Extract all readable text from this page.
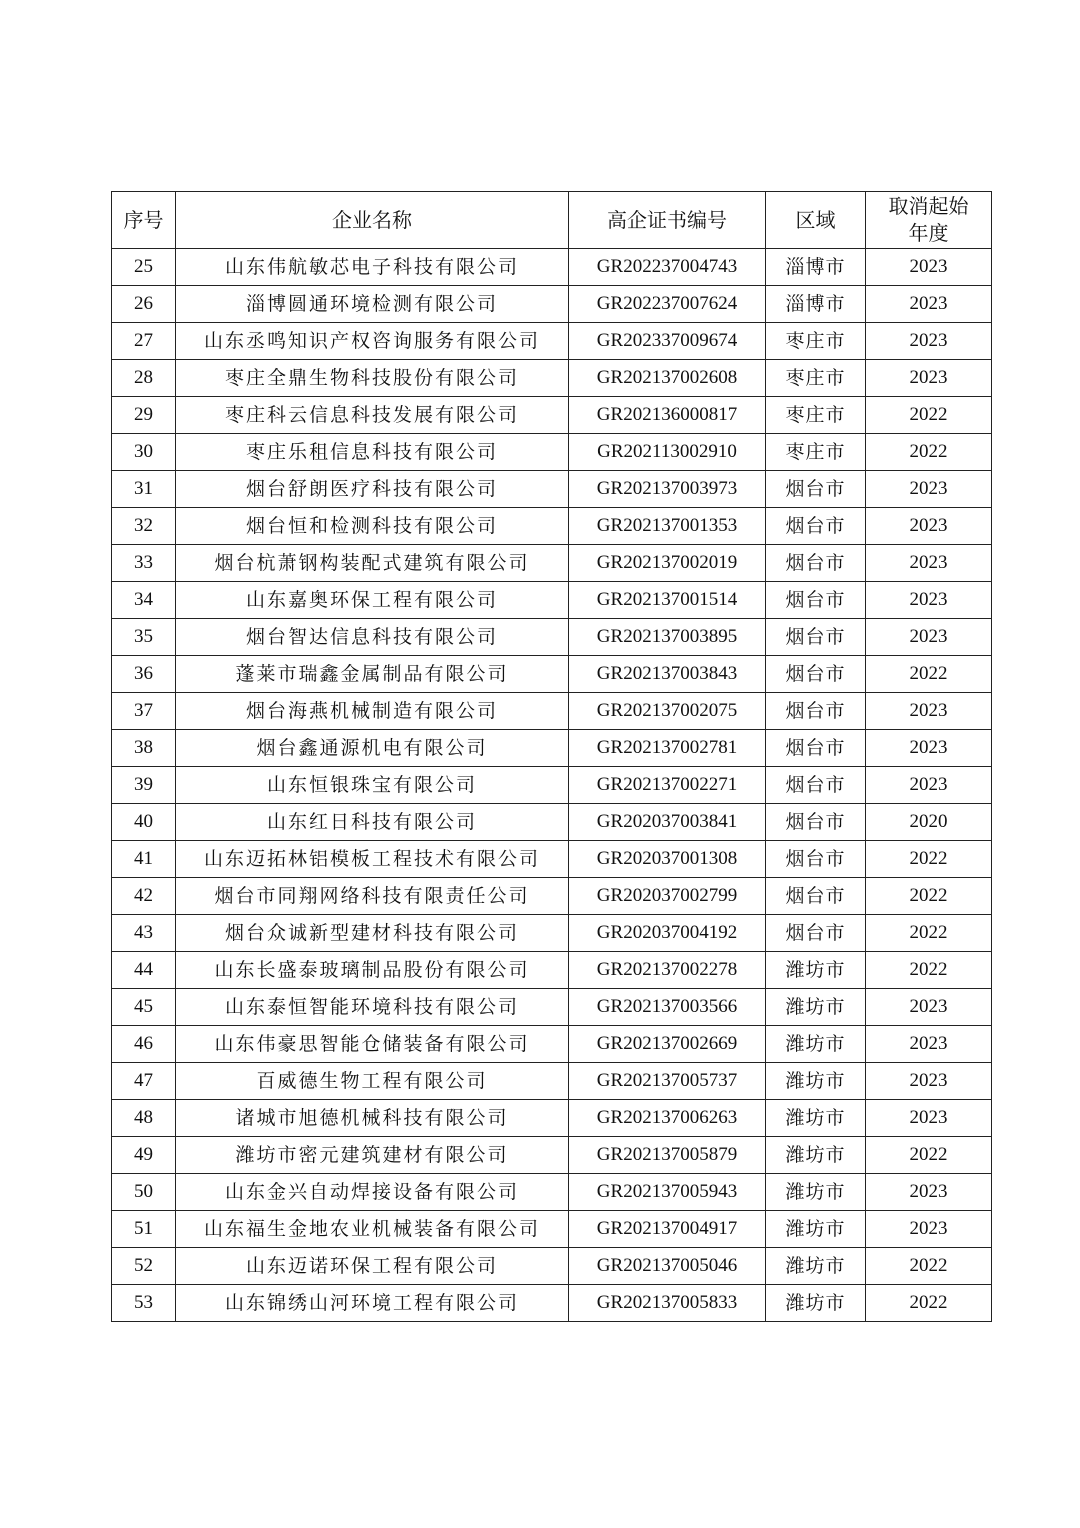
序号	企业名称	高企证书编号	区域	取消起始年度
25	山东伟航敏芯电子科技有限公司	GR202237004743	淄博市	2023
26	淄博圆通环境检测有限公司	GR202237007624	淄博市	2023
27	山东丞鸣知识产权咨询服务有限公司	GR202337009674	枣庄市	2023
28	枣庄全鼎生物科技股份有限公司	GR202137002608	枣庄市	2023
29	枣庄科云信息科技发展有限公司	GR202136000817	枣庄市	2022
30	枣庄乐租信息科技有限公司	GR202113002910	枣庄市	2022
31	烟台舒朗医疗科技有限公司	GR202137003973	烟台市	2023
32	烟台恒和检测科技有限公司	GR202137001353	烟台市	2023
33	烟台杭萧钢构装配式建筑有限公司	GR202137002019	烟台市	2023
34	山东嘉奥环保工程有限公司	GR202137001514	烟台市	2023
35	烟台智达信息科技有限公司	GR202137003895	烟台市	2023
36	蓬莱市瑞鑫金属制品有限公司	GR202137003843	烟台市	2022
37	烟台海燕机械制造有限公司	GR202137002075	烟台市	2023
38	烟台鑫通源机电有限公司	GR202137002781	烟台市	2023
39	山东恒银珠宝有限公司	GR202137002271	烟台市	2023
40	山东红日科技有限公司	GR202037003841	烟台市	2020
41	山东迈拓林铝模板工程技术有限公司	GR202037001308	烟台市	2022
42	烟台市同翔网络科技有限责任公司	GR202037002799	烟台市	2022
43	烟台众诚新型建材科技有限公司	GR202037004192	烟台市	2022
44	山东长盛泰玻璃制品股份有限公司	GR202137002278	潍坊市	2022
45	山东泰恒智能环境科技有限公司	GR202137003566	潍坊市	2023
46	山东伟豪思智能仓储装备有限公司	GR202137002669	潍坊市	2023
47	百威德生物工程有限公司	GR202137005737	潍坊市	2023
48	诸城市旭德机械科技有限公司	GR202137006263	潍坊市	2023
49	潍坊市密元建筑建材有限公司	GR202137005879	潍坊市	2022
50	山东金兴自动焊接设备有限公司	GR202137005943	潍坊市	2023
51	山东福生金地农业机械装备有限公司	GR202137004917	潍坊市	2023
52	山东迈诺环保工程有限公司	GR202137005046	潍坊市	2022
53	山东锦绣山河环境工程有限公司	GR202137005833	潍坊市	2022
